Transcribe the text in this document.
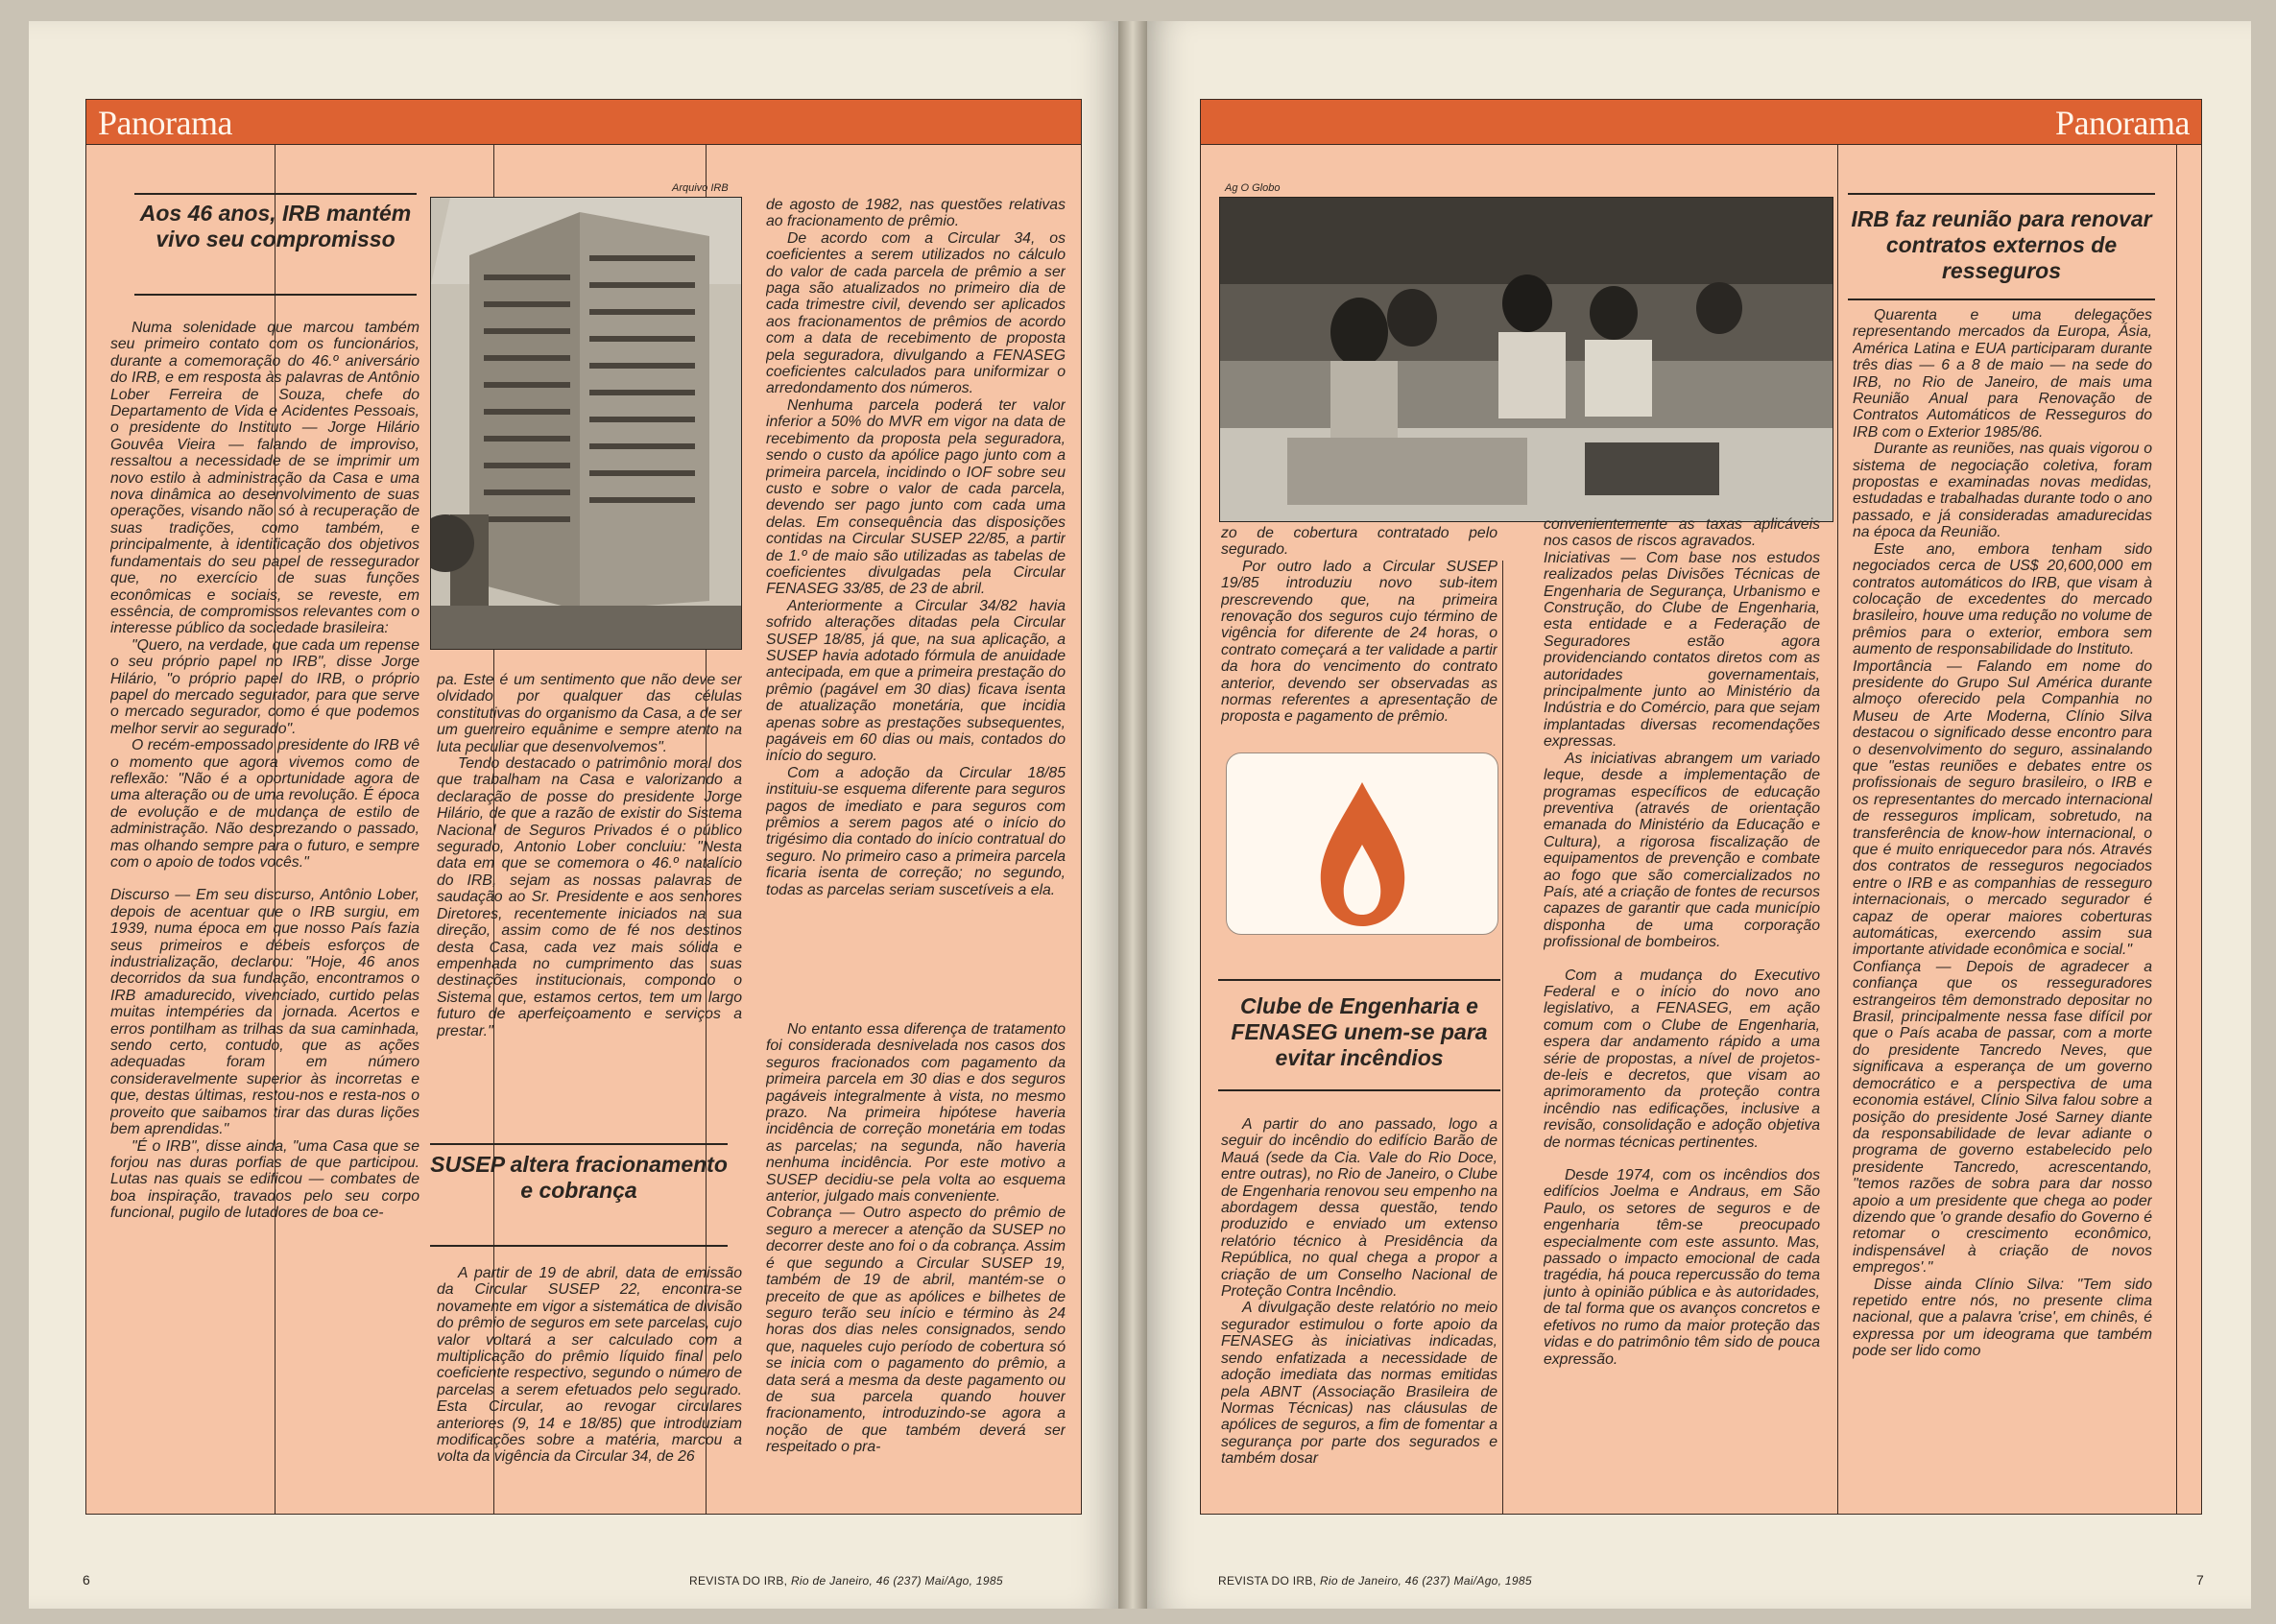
Panorama
Aos 46 anos, IRB mantém vivo seu compromisso

Numa solenidade que marcou também seu primeiro contato com os funcionários, durante a comemoração do 46.º aniversário do IRB, e em resposta às palavras de Antônio Lober Ferreira de Souza, chefe do Departamento de Vida e Acidentes Pessoais, o presidente do Instituto — Jorge Hilário Gouvêa Vieira — falando de improviso, ressaltou a necessidade de se imprimir um novo estilo à administração da Casa e uma nova dinâmica ao desenvolvimento de suas operações, visando não só à recuperação de suas tradições, como também, e principalmente, à identificação dos objetivos fundamentais do seu papel de ressegurador que, no exercício de suas funções econômicas e sociais, se reveste, em essência, de compromissos relevantes com o interesse público da sociedade brasileira:

"Quero, na verdade, que cada um repense o seu próprio papel no IRB", disse Jorge Hilário, "o próprio papel do IRB, o próprio papel do mercado segurador, para que serve o mercado segurador, como é que podemos melhor servir ao segurado".

O recém-empossado presidente do IRB vê o momento que agora vivemos como de reflexão: "Não é a oportunidade agora de uma alteração ou de uma revolução. É época de evolução e de mudança de estilo de administração. Não desprezando o passado, mas olhando sempre para o futuro, e sempre com o apoio de todos vocês."

Discurso — Em seu discurso, Antônio Lober, depois de acentuar que o IRB surgiu, em 1939, numa época em que nosso País fazia seus primeiros e débeis esforços de industrialização, declarou: "Hoje, 46 anos decorridos da sua fundação, encontramos o IRB amadurecido, vivenciado, curtido pelas muitas intempéries da jornada. Acertos e erros pontilham as trilhas da sua caminhada, sendo certo, contudo, que as ações adequadas foram em número consideravelmente superior às incorretas e que, destas últimas, restou-nos e resta-nos o proveito que saibamos tirar das duras lições bem aprendidas."

"É o IRB", disse ainda, "uma Casa que se forjou nas duras porfias de que participou. Lutas nas quais se edificou — combates de boa inspiração, travados pelo seu corpo funcional, pugilo de lutadores de boa ce-

Arquivo IRB

pa. Este é um sentimento que não deve ser olvidado por qualquer das células constitutivas do organismo da Casa, a de ser um guerreiro equânime e sempre atento na luta peculiar que desenvolvemos".

Tendo destacado o patrimônio moral dos que trabalham na Casa e valorizando a declaração de posse do presidente Jorge Hilário, de que a razão de existir do Sistema Nacional de Seguros Privados é o público segurado, Antonio Lober concluiu: "Nesta data em que se comemora o 46.º natalício do IRB, sejam as nossas palavras de saudação ao Sr. Presidente e aos senhores Diretores, recentemente iniciados na sua direção, assim como de fé nos destinos desta Casa, cada vez mais sólida e empenhada no cumprimento das suas destinações institucionais, compondo o Sistema que, estamos certos, tem um largo futuro de aperfeiçoamento e serviços a prestar."

SUSEP altera fracionamento e cobrança

A partir de 19 de abril, data de emissão da Circular SUSEP 22, encontra-se novamente em vigor a sistemática de divisão do prêmio de seguros em sete parcelas, cujo valor voltará a ser calculado com a multiplicação do prêmio líquido final pelo coeficiente respectivo, segundo o número de parcelas a serem efetuados pelo segurado. Esta Circular, ao revogar circulares anteriores (9, 14 e 18/85) que introduziam modificações sobre a matéria, marcou a volta da vigência da Circular 34, de 26

de agosto de 1982, nas questões relativas ao fracionamento de prêmio.

De acordo com a Circular 34, os coeficientes a serem utilizados no cálculo do valor de cada parcela de prêmio a ser paga são atualizados no primeiro dia de cada trimestre civil, devendo ser aplicados aos fracionamentos de prêmios de acordo com a data de recebimento de proposta pela seguradora, divulgando a FENASEG coeficientes calculados para uniformizar o arredondamento dos números.

Nenhuma parcela poderá ter valor inferior a 50% do MVR em vigor na data de recebimento da proposta pela seguradora, sendo o custo da apólice pago junto com a primeira parcela, incidindo o IOF sobre seu custo e sobre o valor de cada parcela, devendo ser pago junto com cada uma delas. Em consequência das disposições contidas na Circular SUSEP 22/85, a partir de 1.º de maio são utilizadas as tabelas de coeficientes divulgadas pela Circular FENASEG 33/85, de 23 de abril.

Anteriormente a Circular 34/82 havia sofrido alterações ditadas pela Circular SUSEP 18/85, já que, na sua aplicação, a SUSEP havia adotado fórmula de anuidade antecipada, em que a primeira prestação do prêmio (pagável em 30 dias) ficava isenta de atualização monetária, que incidia apenas sobre as prestações subsequentes, pagáveis em 60 dias ou mais, contados do início do seguro.

Com a adoção da Circular 18/85 instituiu-se esquema diferente para seguros pagos de imediato e para seguros com prêmios a serem pagos até o início do trigésimo dia contado do início contratual do seguro. No primeiro caso a primeira parcela ficaria isenta de correção; no segundo, todas as parcelas seriam suscetíveis a ela.

No entanto essa diferença de tratamento foi considerada desnivelada nos casos dos seguros fracionados com pagamento da primeira parcela em 30 dias e dos seguros pagáveis integralmente à vista, no mesmo prazo. Na primeira hipótese haveria incidência de correção monetária em todas as parcelas; na segunda, não haveria nenhuma incidência. Por este motivo a SUSEP decidiu-se pela volta ao esquema anterior, julgado mais conveniente.

Cobrança — Outro aspecto do prêmio de seguro a merecer a atenção da SUSEP no decorrer deste ano foi o da cobrança. Assim é que segundo a Circular SUSEP 19, também de 19 de abril, mantém-se o preceito de que as apólices e bilhetes de seguro terão seu início e término às 24 horas dos dias neles consignados, sendo que, naqueles cujo período de cobertura só se inicia com o pagamento do prêmio, a data será a mesma da deste pagamento ou de sua parcela quando houver fracionamento, introduzindo-se agora a noção de que também deverá ser respeitado o pra-

6	REVISTA DO IRB, Rio de Janeiro, 46 (237) Mai/Ago, 1985
Panorama
Ag O Globo

zo de cobertura contratado pelo segurado.

Por outro lado a Circular SUSEP 19/85 introduziu novo sub-item prescrevendo que, na primeira renovação dos seguros cujo término de vigência for diferente de 24 horas, o contrato começará a ter validade a partir da hora do vencimento do contrato anterior, devendo ser observadas as normas referentes a apresentação de proposta e pagamento de prêmio.

Clube de Engenharia e FENASEG unem-se para evitar incêndios

A partir do ano passado, logo a seguir do incêndio do edifício Barão de Mauá (sede da Cia. Vale do Rio Doce, entre outras), no Rio de Janeiro, o Clube de Engenharia renovou seu empenho na abordagem dessa questão, tendo produzido e enviado um extenso relatório técnico à Presidência da República, no qual chega a propor a criação de um Conselho Nacional de Proteção Contra Incêndio.

A divulgação deste relatório no meio segurador estimulou o forte apoio da FENASEG às iniciativas indicadas, sendo enfatizada a necessidade de adoção imediata das normas emitidas pela ABNT (Associação Brasileira de Normas Técnicas) nas cláusulas de apólices de seguros, a fim de fomentar a segurança por parte dos segurados e também dosar

convenientemente as taxas aplicáveis nos casos de riscos agravados.

Iniciativas — Com base nos estudos realizados pelas Divisões Técnicas de Engenharia de Segurança, Urbanismo e Construção, do Clube de Engenharia, esta entidade e a Federação de Seguradores estão agora providenciando contatos diretos com as autoridades governamentais, principalmente junto ao Ministério da Indústria e do Comércio, para que sejam implantadas diversas recomendações expressas.

As iniciativas abrangem um variado leque, desde a implementação de programas específicos de educação preventiva (através de orientação emanada do Ministério da Educação e Cultura), a rigorosa fiscalização de equipamentos de prevenção e combate ao fogo que são comercializados no País, até a criação de fontes de recursos capazes de garantir que cada município disponha de uma corporação profissional de bombeiros.

Com a mudança do Executivo Federal e o início do novo ano legislativo, a FENASEG, em ação comum com o Clube de Engenharia, espera dar andamento rápido a uma série de propostas, a nível de projetos-de-leis e decretos, que visam ao aprimoramento da proteção contra incêndio nas edificações, inclusive a revisão, consolidação e adoção objetiva de normas técnicas pertinentes.

Desde 1974, com os incêndios dos edifícios Joelma e Andraus, em São Paulo, os setores de seguros e de engenharia têm-se preocupado especialmente com este assunto. Mas, passado o impacto emocional de cada tragédia, há pouca repercussão do tema junto à opinião pública e às autoridades, de tal forma que os avanços concretos e efetivos no rumo da maior proteção das vidas e do patrimônio têm sido de pouca expressão.

IRB faz reunião para renovar contratos externos de resseguros

Quarenta e uma delegações representando mercados da Europa, Ásia, América Latina e EUA participaram durante três dias — 6 a 8 de maio — na sede do IRB, no Rio de Janeiro, de mais uma Reunião Anual para Renovação de Contratos Automáticos de Resseguros do IRB com o Exterior 1985/86.

Durante as reuniões, nas quais vigorou o sistema de negociação coletiva, foram propostas e examinadas novas medidas, estudadas e trabalhadas durante todo o ano passado, e já consideradas amadurecidas na época da Reunião.

Este ano, embora tenham sido negociados cerca de US$ 20,600,000 em contratos automáticos do IRB, que visam à colocação de excedentes do mercado brasileiro, houve uma redução no volume de prêmios para o exterior, embora sem aumento de responsabilidade do Instituto.

Importância — Falando em nome do presidente do Grupo Sul América durante almoço oferecido pela Companhia no Museu de Arte Moderna, Clínio Silva destacou o significado desse encontro para o desenvolvimento do seguro, assinalando que "estas reuniões e debates entre os profissionais de seguro brasileiro, o IRB e os representantes do mercado internacional de resseguros implicam, sobretudo, na transferência de know-how internacional, o que é muito enriquecedor para nós. Através dos contratos de resseguros negociados entre o IRB e as companhias de resseguro internacionais, o mercado segurador é capaz de operar maiores coberturas automáticas, exercendo assim sua importante atividade econômica e social."

Confiança — Depois de agradecer a confiança que os resseguradores estrangeiros têm demonstrado depositar no Brasil, principalmente nessa fase difícil por que o País acaba de passar, com a morte do presidente Tancredo Neves, que significava a esperança de um governo democrático e a perspectiva de uma economia estável, Clínio Silva falou sobre a posição do presidente José Sarney diante da responsabilidade de levar adiante o programa de governo estabelecido pelo presidente Tancredo, acrescentando, "temos razões de sobra para dar nosso apoio a um presidente que chega ao poder dizendo que 'o grande desafio do Governo é retomar o crescimento econômico, indispensável à criação de novos empregos'."

Disse ainda Clínio Silva: "Tem sido repetido entre nós, no presente clima nacional, que a palavra 'crise', em chinês, é expressa por um ideograma que também pode ser lido como

REVISTA DO IRB, Rio de Janeiro, 46 (237) Mai/Ago, 1985	7
